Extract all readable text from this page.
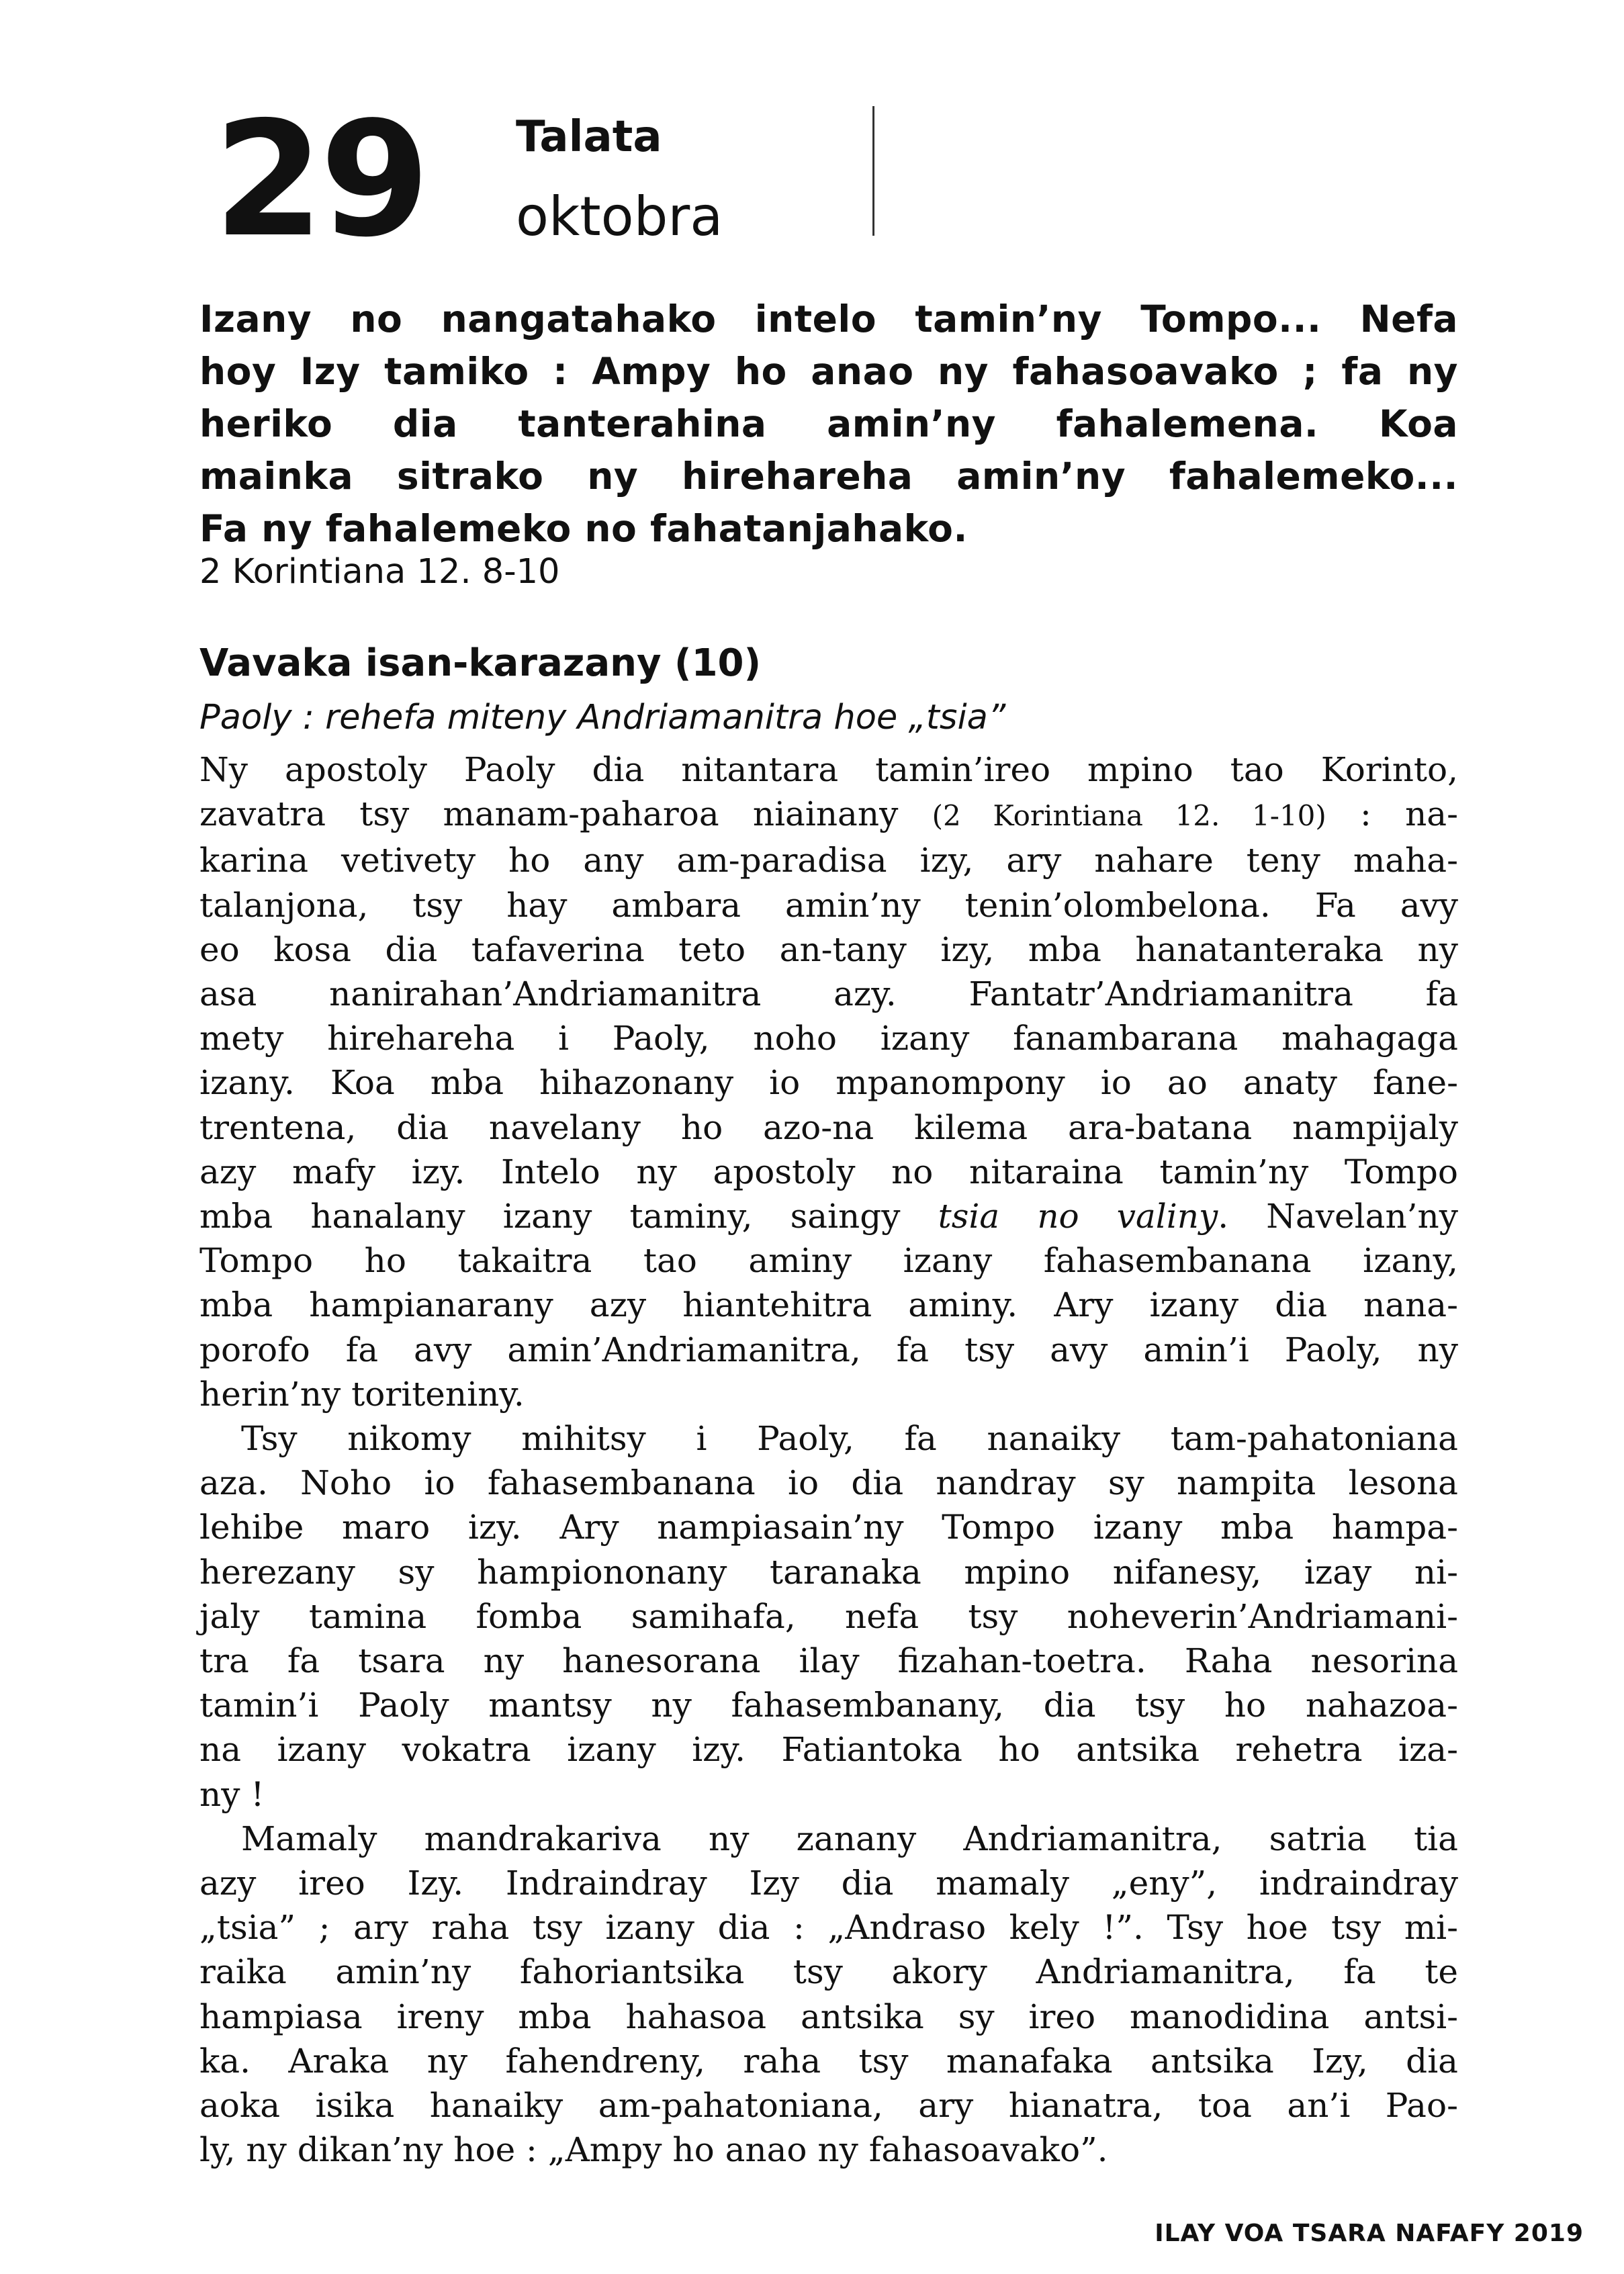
29 Talata
oktobra
Izany no nangatahako intelo tamin’ny Tompo... Nefa
hoy Izy tamiko : Ampy ho anao ny fahasoavako ; fa ny
heriko dia tanterahina amin’ny fahalemena. Koa
mainka sitrako ny hirehareha amin’ny fahalemeko...
Fa ny fahalemeko no fahatanjahako.
2 Korintiana 12. 8-10
Vavaka isan-karazany (10)
Paoly : rehefa miteny Andriamanitra hoe „tsia”
Ny apostoly Paoly dia nitantara tamin’ireo mpino tao Korinto,
zavatra tsy manam-paharoa niainany (2 Korintiana 12. 1-10) : na-
karina vetivety ho any am-paradisa izy, ary nahare teny maha-
talanjona, tsy hay ambara amin’ny tenin’olombelona. Fa avy
eo kosa dia tafaverina teto an-tany izy, mba hanatanteraka ny
asa nanirahan’Andriamanitra azy. Fantatr’Andriamanitra fa
mety hirehareha i Paoly, noho izany fanambarana mahagaga
izany. Koa mba hihazonany io mpanompony io ao anaty fane-
trentena, dia navelany ho azo-na kilema ara-batana nampijaly
azy mafy izy. Intelo ny apostoly no nitaraina tamin’ny Tompo
mba hanalany izany taminy, saingy tsia no valiny. Navelan’ny
Tompo ho takaitra tao aminy izany fahasembanana izany,
mba hampianarany azy hiantehitra aminy. Ary izany dia nana-
porofo fa avy amin’Andriamanitra, fa tsy avy amin’i Paoly, ny
herin’ny toriteniny.
Tsy nikomy mihitsy i Paoly, fa nanaiky tam-pahatoniana
aza. Noho io fahasembanana io dia nandray sy nampita lesona
lehibe maro izy. Ary nampiasain’ny Tompo izany mba hampa-
herezany sy hampiononany taranaka mpino nifanesy, izay ni-
jaly tamina fomba samihafa, nefa tsy noheverin’Andriamani-
tra fa tsara ny hanesorana ilay fizahan-toetra. Raha nesorina
tamin’i Paoly mantsy ny fahasembanany, dia tsy ho nahazoa-
na izany vokatra izany izy. Fatiantoka ho antsika rehetra iza-
ny !
Mamaly mandrakariva ny zanany Andriamanitra, satria tia
azy ireo Izy. Indraindray Izy dia mamaly „eny”, indraindray
„tsia” ; ary raha tsy izany dia : „Andraso kely !”. Tsy hoe tsy mi-
raika amin’ny fahoriantsika tsy akory Andriamanitra, fa te
hampiasa ireny mba hahasoa antsika sy ireo manodidina antsi-
ka. Araka ny fahendreny, raha tsy manafaka antsika Izy, dia
aoka isika hanaiky am-pahatoniana, ary hianatra, toa an’i Pao-
ly, ny dikan’ny hoe : „Ampy ho anao ny fahasoavako”.
ILAY VOA TSARA NAFAFY 2019
